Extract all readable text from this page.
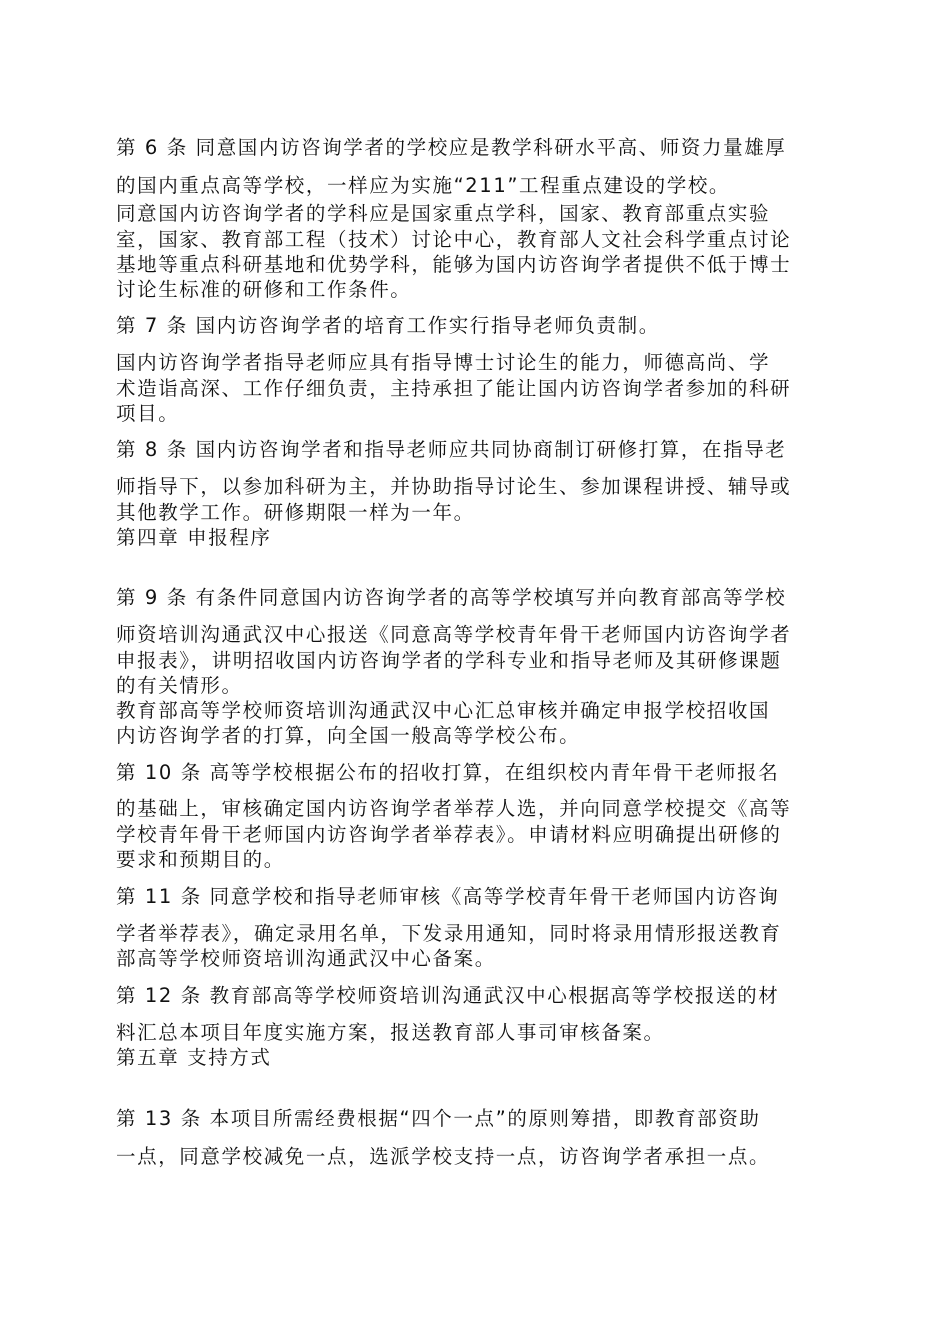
第 6 条 同意国内访咨询学者的学校应是教学科研水平高、师资力量雄厚
的国内重点高等学校，一样应为实施“211”工程重点建设的学校。
同意国内访咨询学者的学科应是国家重点学科，国家、教育部重点实验
室，国家、教育部工程（技术）讨论中心，教育部人文社会科学重点讨论
基地等重点科研基地和优势学科，能够为国内访咨询学者提供不低于博士
讨论生标准的研修和工作条件。
第 7 条 国内访咨询学者的培育工作实行指导老师负责制。
国内访咨询学者指导老师应具有指导博士讨论生的能力，师德高尚、学
术造诣高深、工作仔细负责，主持承担了能让国内访咨询学者参加的科研
项目。
第 8 条 国内访咨询学者和指导老师应共同协商制订研修打算，在指导老
师指导下，以参加科研为主，并协助指导讨论生、参加课程讲授、辅导或
其他教学工作。研修期限一样为一年。
第四章 申报程序
第 9 条 有条件同意国内访咨询学者的高等学校填写并向教育部高等学校
师资培训沟通武汉中心报送《同意高等学校青年骨干老师国内访咨询学者
申报表》，讲明招收国内访咨询学者的学科专业和指导老师及其研修课题
的有关情形。
教育部高等学校师资培训沟通武汉中心汇总审核并确定申报学校招收国
内访咨询学者的打算，向全国一般高等学校公布。
第 10 条 高等学校根据公布的招收打算，在组织校内青年骨干老师报名
的基础上，审核确定国内访咨询学者举荐人选，并向同意学校提交《高等
学校青年骨干老师国内访咨询学者举荐表》。申请材料应明确提出研修的
要求和预期目的。
第 11 条 同意学校和指导老师审核《高等学校青年骨干老师国内访咨询
学者举荐表》，确定录用名单，下发录用通知，同时将录用情形报送教育
部高等学校师资培训沟通武汉中心备案。
第 12 条 教育部高等学校师资培训沟通武汉中心根据高等学校报送的材
料汇总本项目年度实施方案，报送教育部人事司审核备案。
第五章 支持方式
第 13 条 本项目所需经费根据“四个一点”的原则筹措，即教育部资助
一点，同意学校减免一点，选派学校支持一点，访咨询学者承担一点。
